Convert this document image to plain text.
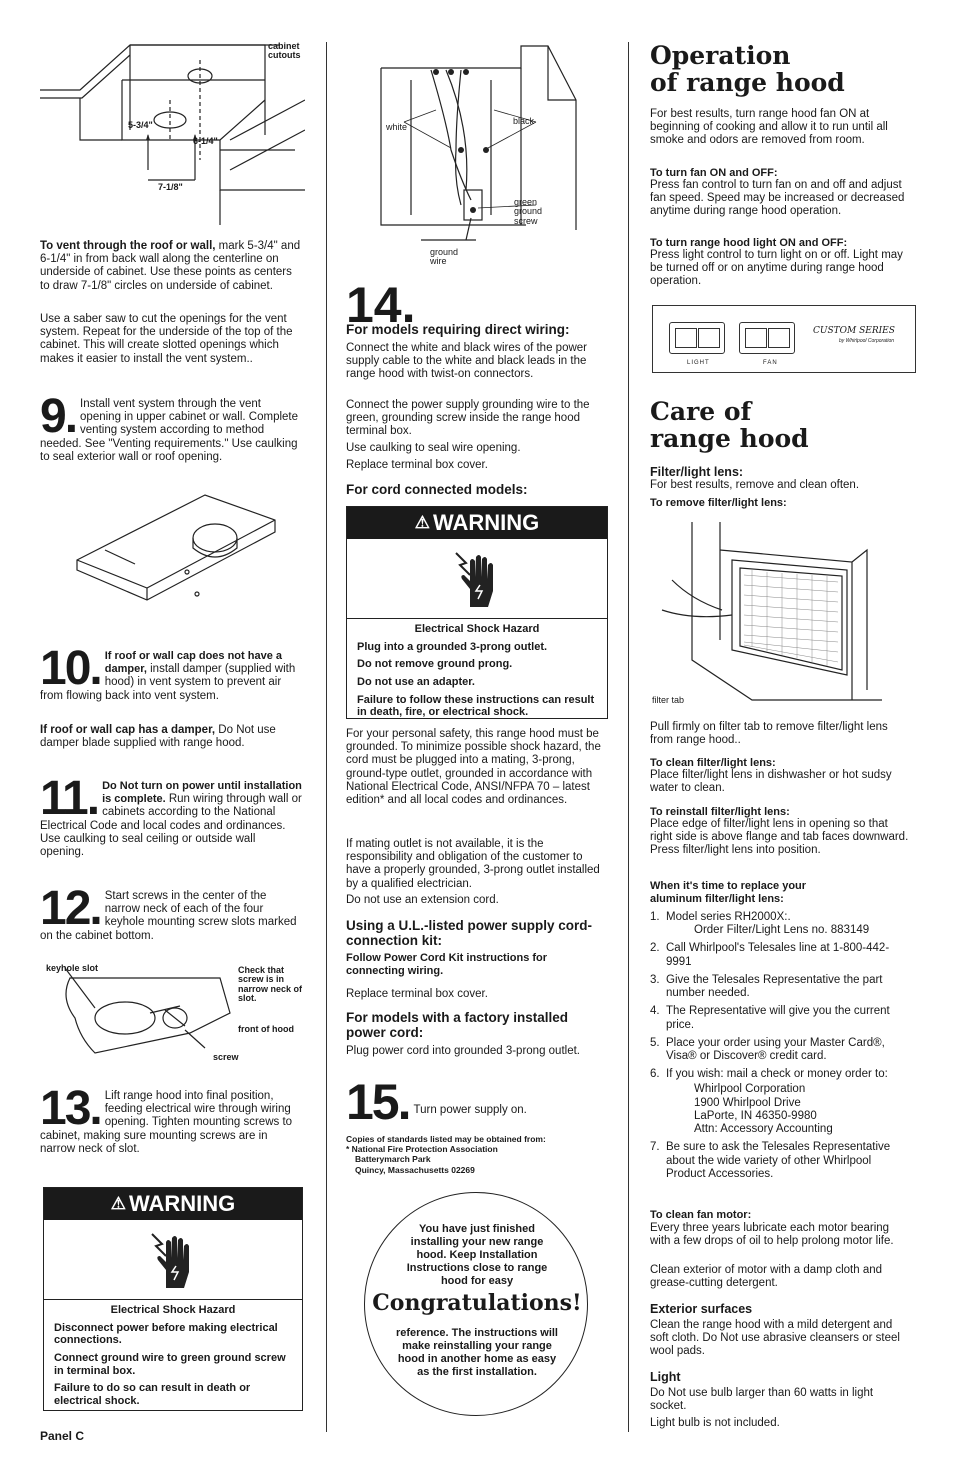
cabinet cutouts
5-3/4"
6-1/4"
7-1/8"

To vent through the roof or wall, mark 5-3/4" and 6-1/4" in from back wall along the centerline on underside of cabinet. Use these points as centers to draw 7-1/8" circles on underside of cabinet.

Use a saber saw to cut the openings for the vent system. Repeat for the underside of the top of the cabinet. This will create slotted openings which makes it easier to install the vent system..

9. Install vent system through the vent opening in upper cabinet or wall. Complete venting system according to method needed. See "Venting requirements." Use caulking to seal exterior wall or roof opening.
10. If roof or wall cap does not have a damper, install damper (supplied with hood) in vent system to prevent air from flowing back into vent system.

If roof or wall cap has a damper, Do Not use damper blade supplied with range hood.

11. Do Not turn on power until installation is complete. Run wiring through wall or cabinets according to the National Electrical Code and local codes and ordinances. Use caulking to seal ceiling or outside wall opening.
12. Start screws in the center of the narrow neck of each of the four keyhole mounting screw slots marked on the cabinet bottom.
keyhole slot	Check that screw is in narrow neck of slot.
front of hood
screw
13. Lift range hood into final position, feeding electrical wire through wiring opening. Tighten mounting screws to cabinet, making sure mounting screws are in narrow neck of slot.
⚠ WARNING

Electrical Shock Hazard

Disconnect power before making electrical connections.

Connect ground wire to green ground screw in terminal box.

Failure to do so can result in death or electrical shock.

Panel C

white
black
green ground screw
ground wire

14.

For models requiring direct wiring:

Connect the white and black wires of the power supply cable to the white and black leads in the range hood with twist-on connectors.

Connect the power supply grounding wire to the green, grounding screw inside the range hood terminal box.

Use caulking to seal wire opening.

Replace terminal box cover.

For cord connected models:

⚠ WARNING

Electrical Shock Hazard

Plug into a grounded 3-prong outlet.

Do not remove ground prong.

Do not use an adapter.

Failure to follow these instructions can result in death, fire, or electrical shock.

For your personal safety, this range hood must be grounded. To minimize possible shock hazard, the cord must be plugged into a mating, 3-prong, ground-type outlet, grounded in accordance with National Electrical Code, ANSI/NFPA 70 – latest edition* and all local codes and ordinances.

If mating outlet is not available, it is the responsibility and obligation of the customer to have a properly grounded, 3-prong outlet installed by a qualified electrician.

Do not use an extension cord.

Using a U.L.-listed power supply cord-connection kit:

Follow Power Cord Kit instructions for connecting wiring.

Replace terminal box cover.

For models with a factory installed power cord:

Plug power cord into grounded 3-prong outlet.

15. Turn power supply on.

Copies of standards listed may be obtained from:

* National Fire Protection Association

Batterymarch Park

Quincy, Massachusetts 02269

You have just finished installing your new range hood. Keep Installation Instructions close to range hood for easy

Congratulations!

reference. The instructions will make reinstalling your range hood in another home as easy as the first installation.

Operation

of range hood

For best results, turn range hood fan ON at beginning of cooking and allow it to run until all smoke and odors are removed from room.

To turn fan ON and OFF:

Press fan control to turn fan on and off and adjust fan speed. Speed may be increased or decreased anytime during range hood operation.

To turn range hood light ON and OFF:

Press light control to turn light on or off. Light may be turned off or on anytime during range hood operation.

LIGHT	FAN
CUSTOM SERIES
by Whirlpool Corporation

Care of

range hood

Filter/light lens:

For best results, remove and clean often.

To remove filter/light lens:

filter tab

Pull firmly on filter tab to remove filter/light lens from range hood..

To clean filter/light lens:

Place filter/light lens in dishwasher or hot sudsy water to clean.

To reinstall filter/light lens:

Place edge of filter/light lens in opening so that right side is above flange and tab faces downward. Press filter/light lens into position.

When it's time to replace your aluminum filter/light lens:

1. Model series RH2000X:.
Order Filter/Light Lens no. 883149
2. Call Whirlpool's Telesales line at 1-800-442-9991
3. Give the Telesales Representative the part number needed.
4. The Representative will give you the current price.
5. Place your order using your Master Card®, Visa® or Discover® credit card.
6. If you wish: mail a check or money order to:

Whirlpool Corporation

1900 Whirlpool Drive

LaPorte, IN 46350-9980

Attn: Accessory Accounting

7. Be sure to ask the Telesales Representative about the wide variety of other Whirlpool Product Accessories.

To clean fan motor:

Every three years lubricate each motor bearing with a few drops of oil to help prolong motor life.

Clean exterior of motor with a damp cloth and grease-cutting detergent.

Exterior surfaces

Clean the range hood with a mild detergent and soft cloth. Do Not use abrasive cleansers or steel wool pads.

Light

Do Not use bulb larger than 60 watts in light socket.

Light bulb is not included.
